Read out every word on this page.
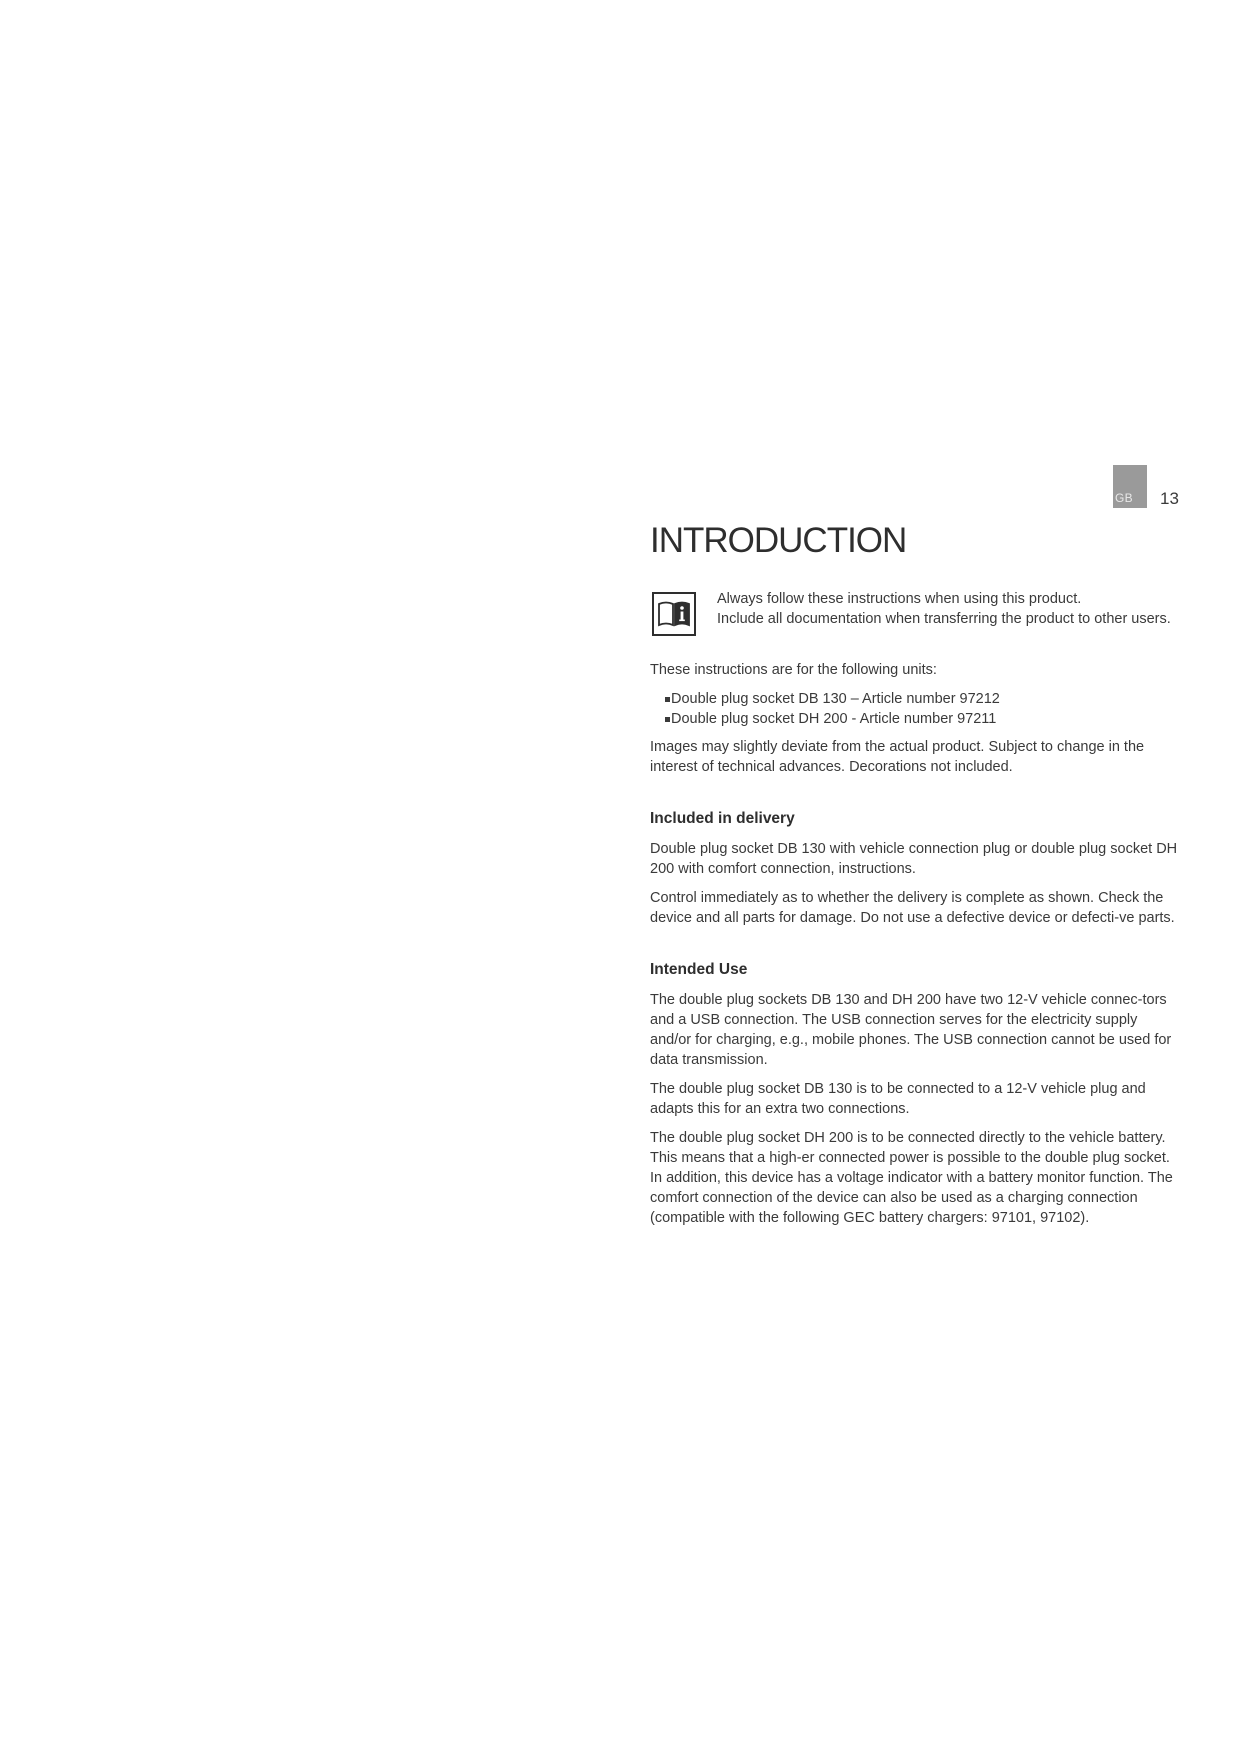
GB 13
INTRODUCTION

Always follow these instructions when using this product.

Include all documentation when transferring the product to other users.

These instructions are for the following units:

Double plug socket DB 130 – Article number 97212
Double plug socket DH 200 - Article number 97211

Images may slightly deviate from the actual product. Subject to change in the interest of technical advances. Decorations not included.

Included in delivery

Double plug socket DB 130 with vehicle connection plug or double plug socket DH 200 with comfort connection, instructions.

Control immediately as to whether the delivery is complete as shown. Check the device and all parts for damage. Do not use a defective device or defecti-ve parts.

Intended Use

The double plug sockets DB 130 and DH 200 have two 12-V vehicle connec-tors and a USB connection. The USB connection serves for the electricity supply and/or for charging, e.g., mobile phones. The USB connection cannot be used for data transmission.

The double plug socket DB 130 is to be connected to a 12-V vehicle plug and adapts this for an extra two connections.

The double plug socket DH 200 is to be connected directly to the vehicle battery. This means that a high-er connected power is possible to the double plug socket. In addition, this device has a voltage indicator with a battery monitor function. The comfort connection of the device can also be used as a charging connection (compatible with the following GEC battery chargers: 97101, 97102).
